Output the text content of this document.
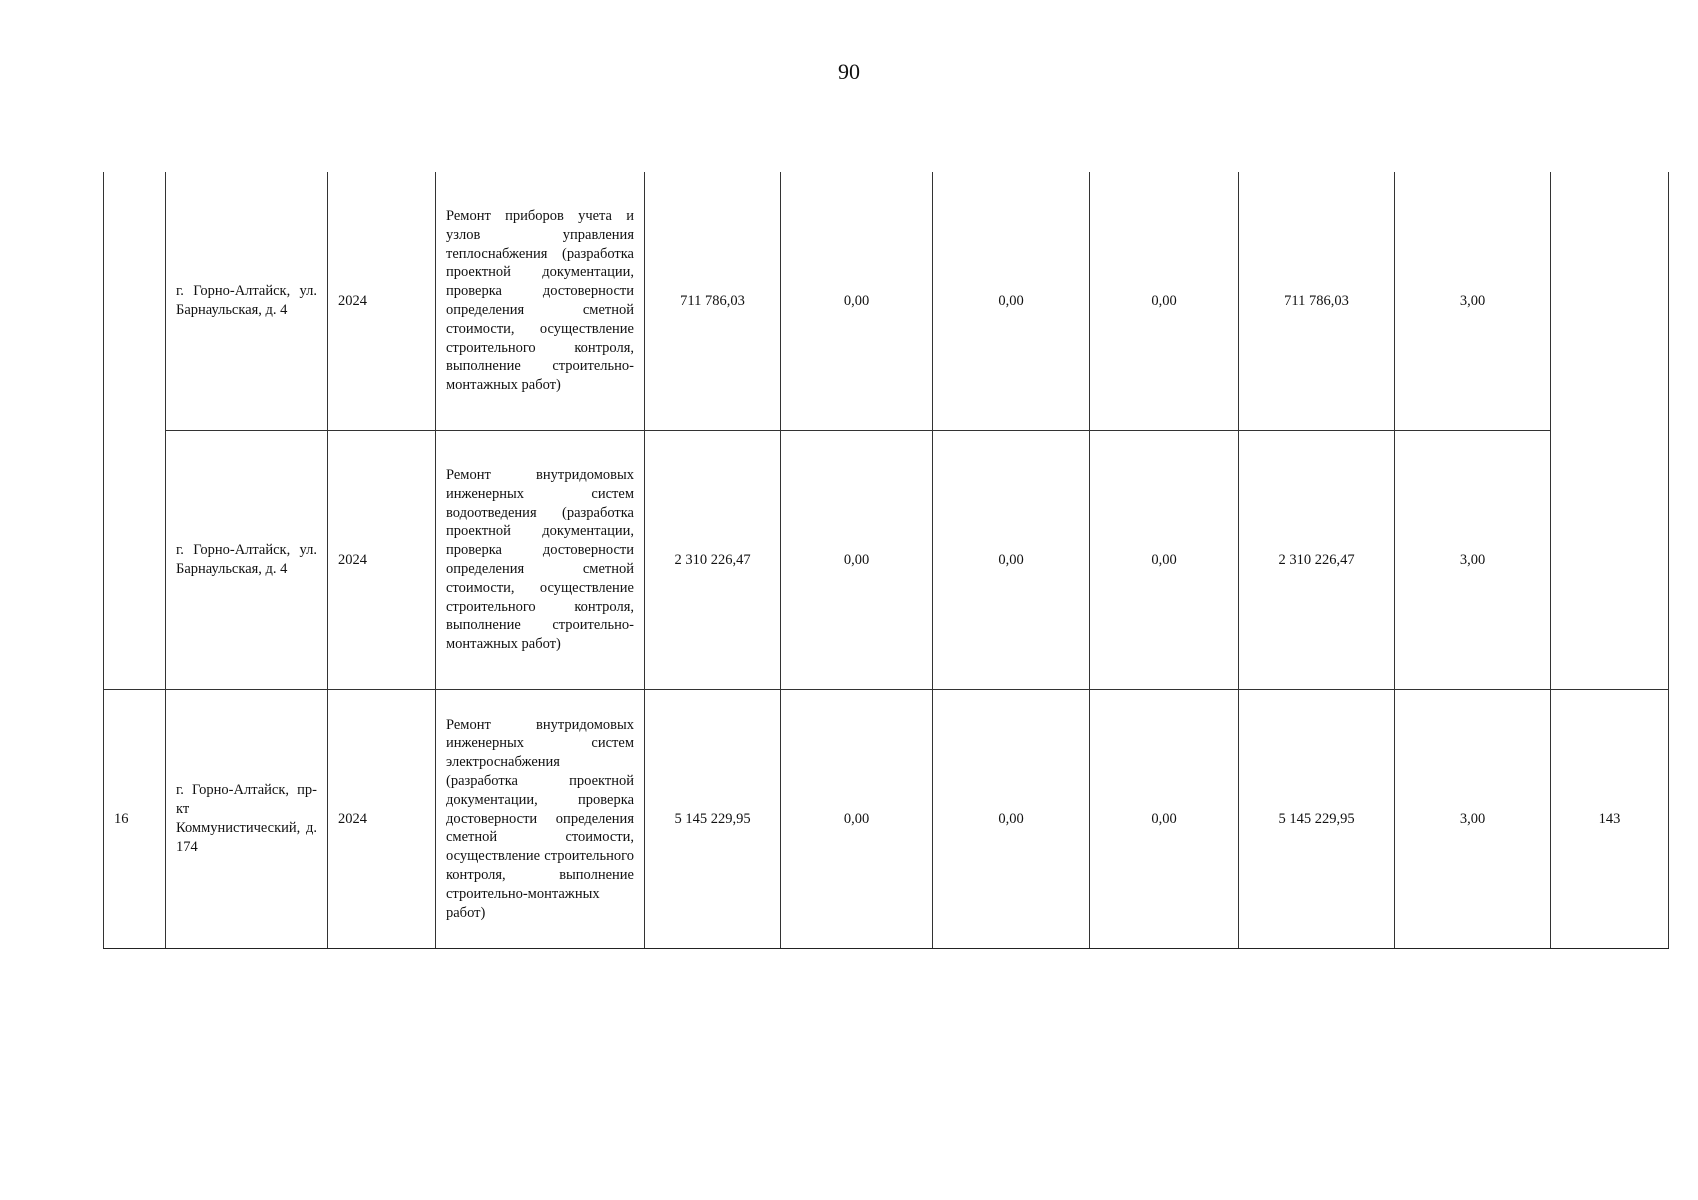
90
	г. Горно-Алтайск, ул. Барнаульская, д. 4	2024	Ремонт приборов учета и узлов управления теплоснабжения (разработка проектной документации, проверка достоверности определения сметной стоимости, осуществление строительного контроля, выполнение строительно-монтажных работ)	711 786,03	0,00	0,00	0,00	711 786,03	3,00	
	г. Горно-Алтайск, ул. Барнаульская, д. 4	2024	Ремонт внутридомовых инженерных систем водоотведения (разработка проектной документации, проверка достоверности определения сметной стоимости, осуществление строительного контроля, выполнение строительно-монтажных работ)	2 310 226,47	0,00	0,00	0,00	2 310 226,47	3,00	
16	г. Горно-Алтайск, пр-кт Коммунистический, д. 174	2024	Ремонт внутридомовых инженерных систем электроснабжения (разработка проектной документации, проверка достоверности определения сметной стоимости, осуществление строительного контроля, выполнение строительно-монтажных работ)	5 145 229,95	0,00	0,00	0,00	5 145 229,95	3,00	143
